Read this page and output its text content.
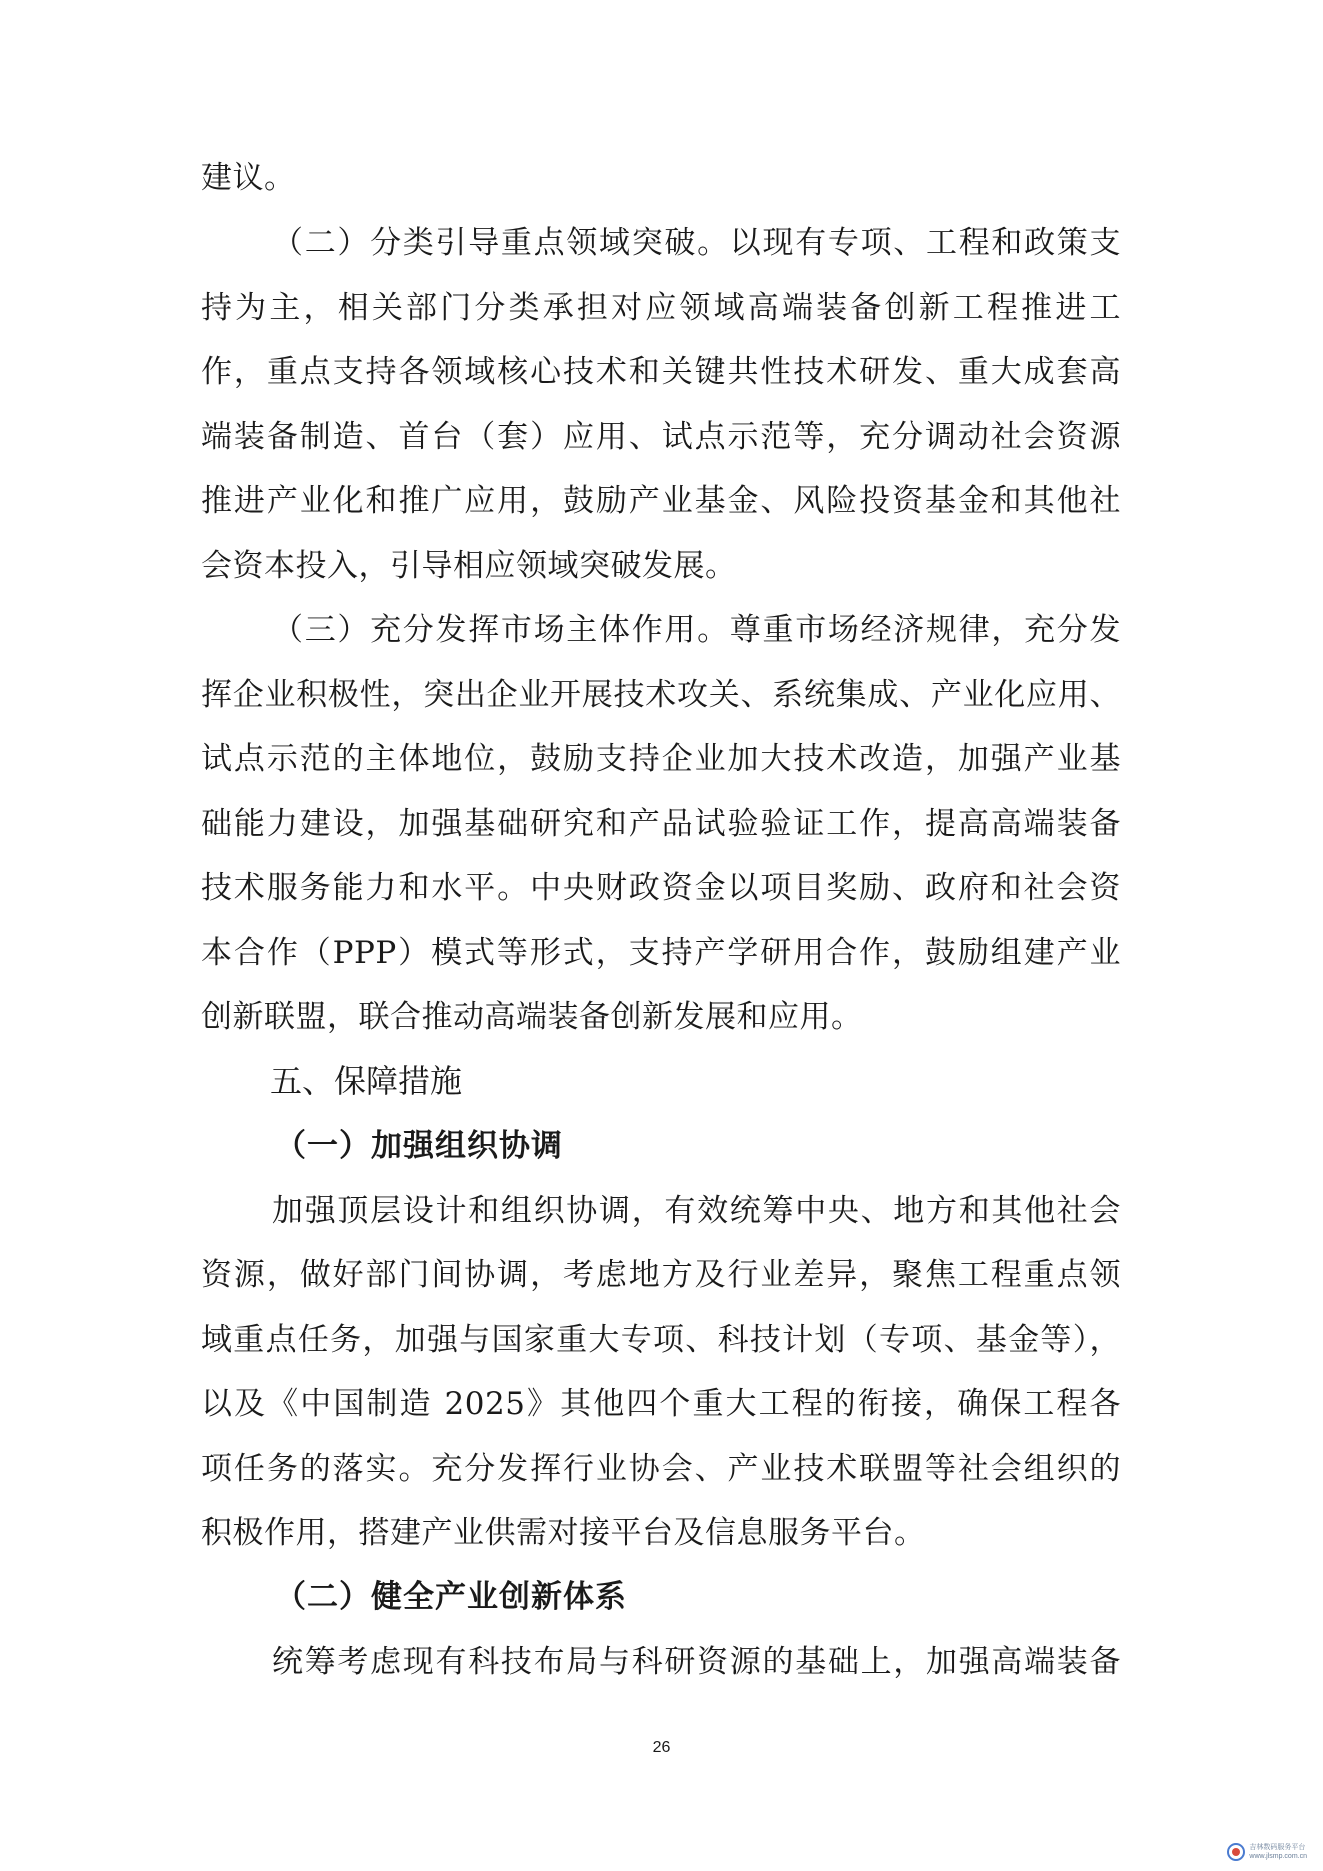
建议。
（二）分类引导重点领域突破。以现有专项、工程和政策支
持为主，相关部门分类承担对应领域高端装备创新工程推进工
作，重点支持各领域核心技术和关键共性技术研发、重大成套高
端装备制造、首台（套）应用、试点示范等，充分调动社会资源
推进产业化和推广应用，鼓励产业基金、风险投资基金和其他社
会资本投入，引导相应领域突破发展。
（三）充分发挥市场主体作用。尊重市场经济规律，充分发
挥企业积极性，突出企业开展技术攻关、系统集成、产业化应用、
试点示范的主体地位，鼓励支持企业加大技术改造，加强产业基
础能力建设，加强基础研究和产品试验验证工作，提高高端装备
技术服务能力和水平。中央财政资金以项目奖励、政府和社会资
本合作（PPP）模式等形式，支持产学研用合作，鼓励组建产业
创新联盟，联合推动高端装备创新发展和应用。
五、保障措施
（一）加强组织协调
加强顶层设计和组织协调，有效统筹中央、地方和其他社会
资源，做好部门间协调，考虑地方及行业差异，聚焦工程重点领
域重点任务，加强与国家重大专项、科技计划（专项、基金等），
以及《中国制造 2025》其他四个重大工程的衔接，确保工程各
项任务的落实。充分发挥行业协会、产业技术联盟等社会组织的
积极作用，搭建产业供需对接平台及信息服务平台。
（二）健全产业创新体系
统筹考虑现有科技布局与科研资源的基础上，加强高端装备
26
吉林数码服务平台
www.jlsmp.com.cn
